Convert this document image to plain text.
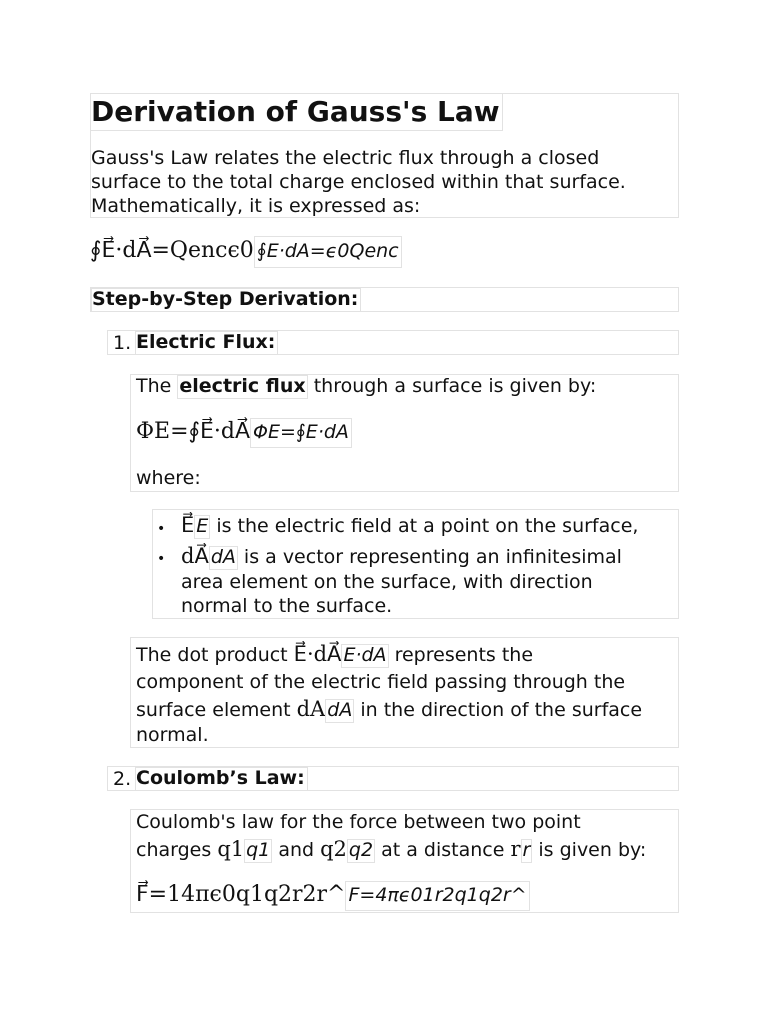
Derivation of Gauss's Law
Gauss's Law relates the electric flux through a closed
surface to the total charge enclosed within that surface.
Mathematically, it is expressed as:
∮E⃗·dA⃗=Qencϵ0 ∮E·dA=ϵ0Qenc
Step-by-Step Derivation:
1. Electric Flux:
The electric flux through a surface is given by:
ΦE=∮E⃗·dA⃗ ΦE=∮E·dA
where:
• E⃗ E is the electric field at a point on the surface,
• dA⃗ dA is a vector representing an infinitesimal
area element on the surface, with direction
normal to the surface.
The dot product E⃗·dA⃗ E·dA represents the
component of the electric field passing through the
surface element dA dA in the direction of the surface
normal.
2. Coulomb’s Law:
Coulomb's law for the force between two point
charges q1 q1 and q2 q2 at a distance r r is given by:
F⃗=14πϵ0q1q2r2r^ F=4πϵ01r2q1q2r^
